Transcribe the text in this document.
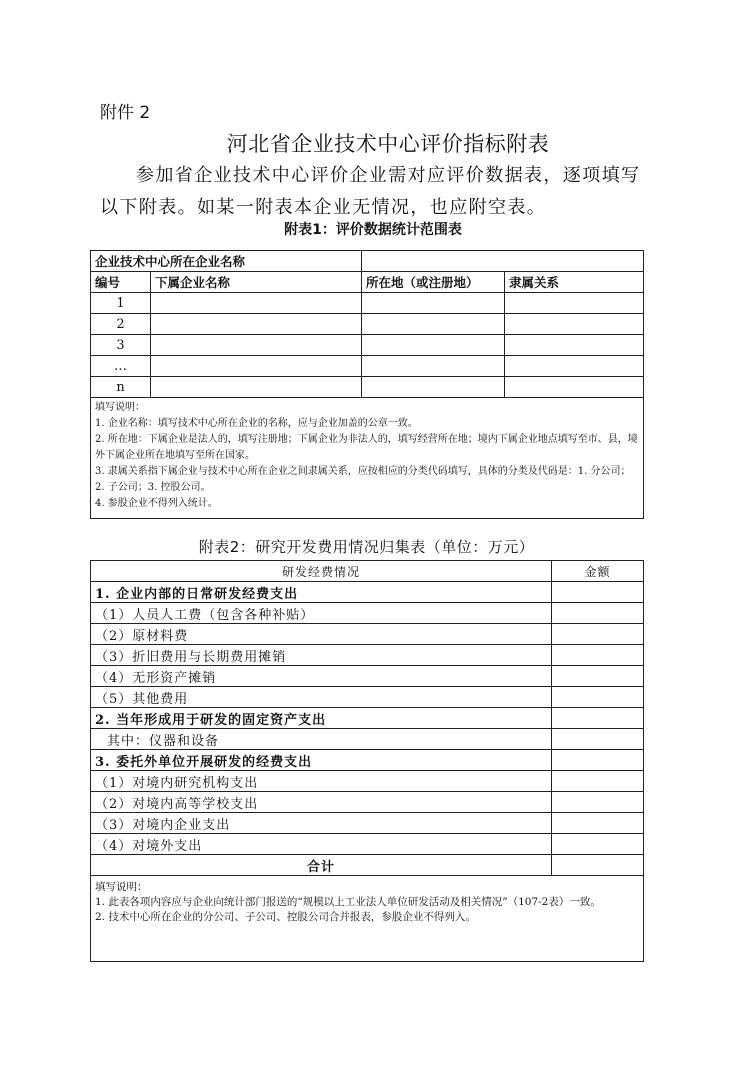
附件 2
河北省企业技术中心评价指标附表
参加省企业技术中心评价企业需对应评价数据表，逐项填写以下附表。如某一附表本企业无情况，也应附空表。
附表1：评价数据统计范围表
企业技术中心所在企业名称			
编号	下属企业名称	所在地（或注册地）	隶属关系
1			
2			
3			
…			
n			

填写说明：
1. 企业名称：填写技术中心所在企业的名称，应与企业加盖的公章一致。
2. 所在地：下属企业是法人的，填写注册地；下属企业为非法人的，填写经营所在地；境内下属企业地点填写至市、县，境外下属企业所在地填写至所在国家。
3. 隶属关系指下属企业与技术中心所在企业之间隶属关系，应按相应的分类代码填写，具体的分类及代码是：1. 分公司；2. 子公司；3. 控股公司。
4. 参股企业不得列入统计。			
附表2：研究开发费用情况归集表（单位：万元）
研发经费情况	金额
1. 企业内部的日常研发经费支出	
（1）人员人工费（包含各种补贴）	
（2）原材料费	
（3）折旧费用与长期费用摊销	
（4）无形资产摊销	
（5）其他费用	
2. 当年形成用于研发的固定资产支出	
其中：仪器和设备	
3. 委托外单位开展研发的经费支出	
（1）对境内研究机构支出	
（2）对境内高等学校支出	
（3）对境内企业支出	
（4）对境外支出	
合计	

填写说明：
1. 此表各项内容应与企业向统计部门报送的“规模以上工业法人单位研发活动及相关情况”（107-2表）一致。
2. 技术中心所在企业的分公司、子公司、控股公司合并报表，参股企业不得列入。	
